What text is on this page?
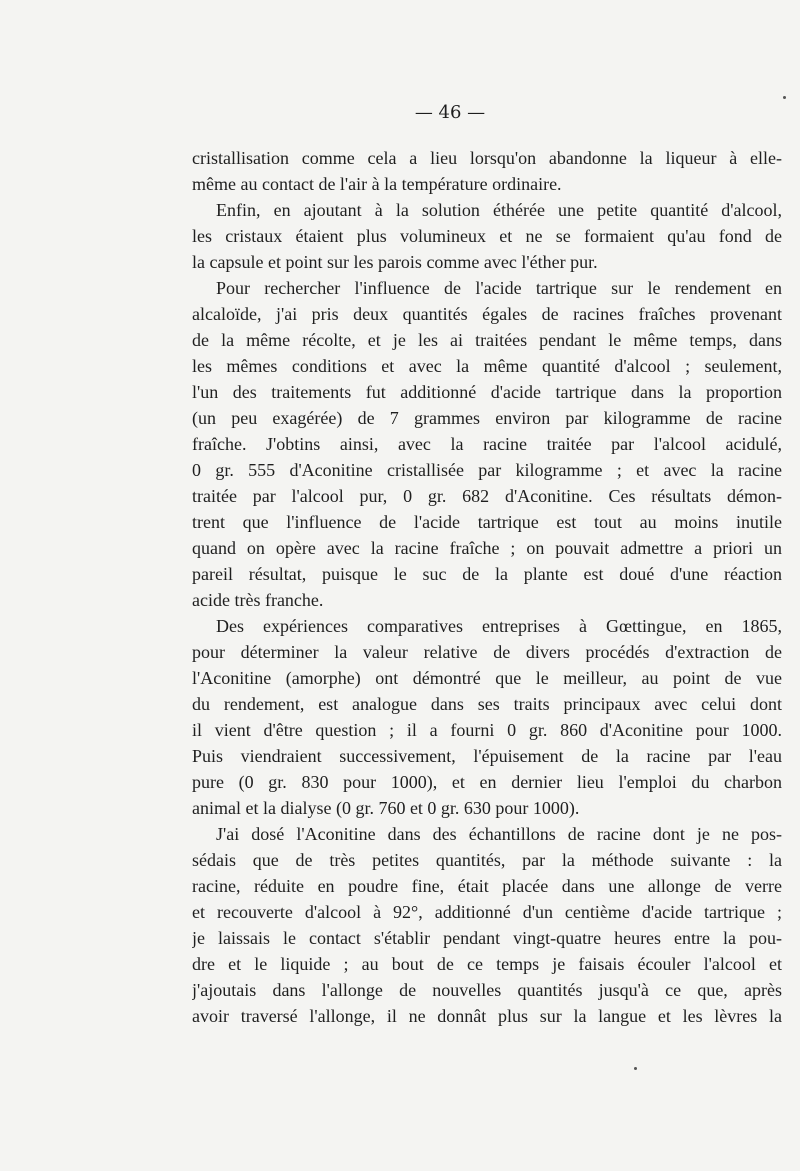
— 46 —
cristallisation comme cela a lieu lorsqu'on abandonne la liqueur à elle-
même au contact de l'air à la température ordinaire.
Enfin, en ajoutant à la solution éthérée une petite quantité d'alcool,
les cristaux étaient plus volumineux et ne se formaient qu'au fond de
la capsule et point sur les parois comme avec l'éther pur.
Pour rechercher l'influence de l'acide tartrique sur le rendement en
alcaloïde, j'ai pris deux quantités égales de racines fraîches provenant
de la même récolte, et je les ai traitées pendant le même temps, dans
les mêmes conditions et avec la même quantité d'alcool ; seulement,
l'un des traitements fut additionné d'acide tartrique dans la proportion
(un peu exagérée) de 7 grammes environ par kilogramme de racine
fraîche. J'obtins ainsi, avec la racine traitée par l'alcool acidulé,
0 gr. 555 d'Aconitine cristallisée par kilogramme ; et avec la racine
traitée par l'alcool pur, 0 gr. 682 d'Aconitine. Ces résultats démon-
trent que l'influence de l'acide tartrique est tout au moins inutile
quand on opère avec la racine fraîche ; on pouvait admettre a priori un
pareil résultat, puisque le suc de la plante est doué d'une réaction
acide très franche.
Des expériences comparatives entreprises à Gœttingue, en 1865,
pour déterminer la valeur relative de divers procédés d'extraction de
l'Aconitine (amorphe) ont démontré que le meilleur, au point de vue
du rendement, est analogue dans ses traits principaux avec celui dont
il vient d'être question ; il a fourni 0 gr. 860 d'Aconitine pour 1000.
Puis viendraient successivement, l'épuisement de la racine par l'eau
pure (0 gr. 830 pour 1000), et en dernier lieu l'emploi du charbon
animal et la dialyse (0 gr. 760 et 0 gr. 630 pour 1000).
J'ai dosé l'Aconitine dans des échantillons de racine dont je ne pos-
sédais que de très petites quantités, par la méthode suivante : la
racine, réduite en poudre fine, était placée dans une allonge de verre
et recouverte d'alcool à 92°, additionné d'un centième d'acide tartrique ;
je laissais le contact s'établir pendant vingt-quatre heures entre la pou-
dre et le liquide ; au bout de ce temps je faisais écouler l'alcool et
j'ajoutais dans l'allonge de nouvelles quantités jusqu'à ce que, après
avoir traversé l'allonge, il ne donnât plus sur la langue et les lèvres la
